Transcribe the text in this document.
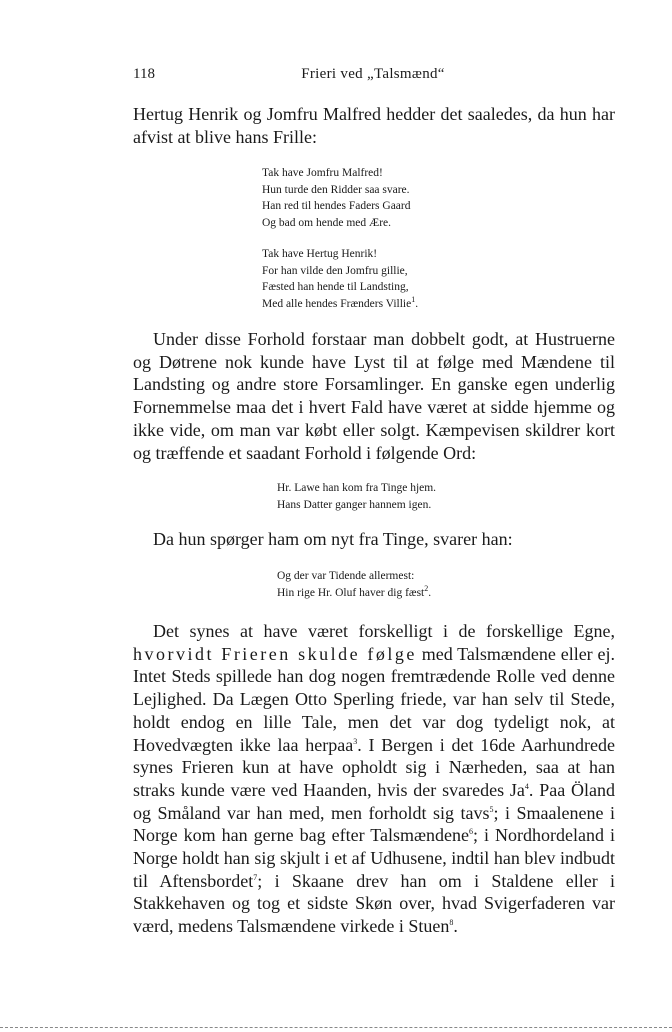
118	Frieri ved „Talsmænd“

Hertug Henrik og Jomfru Malfred hedder det saaledes, da hun har afvist at blive hans Frille:

Tak have Jomfru Malfred!
Hun turde den Ridder saa svare.
Han red til hendes Faders Gaard
Og bad om hende med Ære.
Tak have Hertug Henrik!
For han vilde den Jomfru gillie,
Fæsted han hende til Landsting,
Med alle hendes Frænders Villie$^1$.

Under disse Forhold forstaar man dobbelt godt, at Hustruerne og Døtrene nok kunde have Lyst til at følge med Mændene til Landsting og andre store Forsamlinger. En ganske egen underlig Fornemmelse maa det i hvert Fald have været at sidde hjemme og ikke vide, om man var købt eller solgt. Kæmpevisen skildrer kort og træffende et saadant Forhold i følgende Ord:

Hr. Lawe han kom fra Tinge hjem.
Hans Datter ganger hannem igen.

Da hun spørger ham om nyt fra Tinge, svarer han:

Og der var Tidende allermest:
Hin rige Hr. Oluf haver dig fæst$^2$.

Det synes at have været forskelligt i de forskellige Egne, hvorvidt Frieren skulde følge med Talsmændene eller ej. Intet Steds spillede han dog nogen fremtrædende Rolle ved denne Lejlighed. Da Lægen Otto Sperling friede, var han selv til Stede, holdt endog en lille Tale, men det var dog tydeligt nok, at Hovedvægten ikke laa herpaa$^3$. I Bergen i det 16de Aarhundrede synes Frieren kun at have opholdt sig i Nærheden, saa at han straks kunde være ved Haanden, hvis der svaredes Ja$^4$. Paa Öland og Småland var han med, men forholdt sig tavs$^5$; i Smaalenene i Norge kom han gerne bag efter Talsmændene$^6$; i Nordhordeland i Norge holdt han sig skjult i et af Udhusene, indtil han blev indbudt til Aftensbordet$^7$; i Skaane drev han om i Staldene eller i Stakkehaven og tog et sidste Skøn over, hvad Svigerfaderen var værd, medens Talsmændene virkede i Stuen$^8$.
